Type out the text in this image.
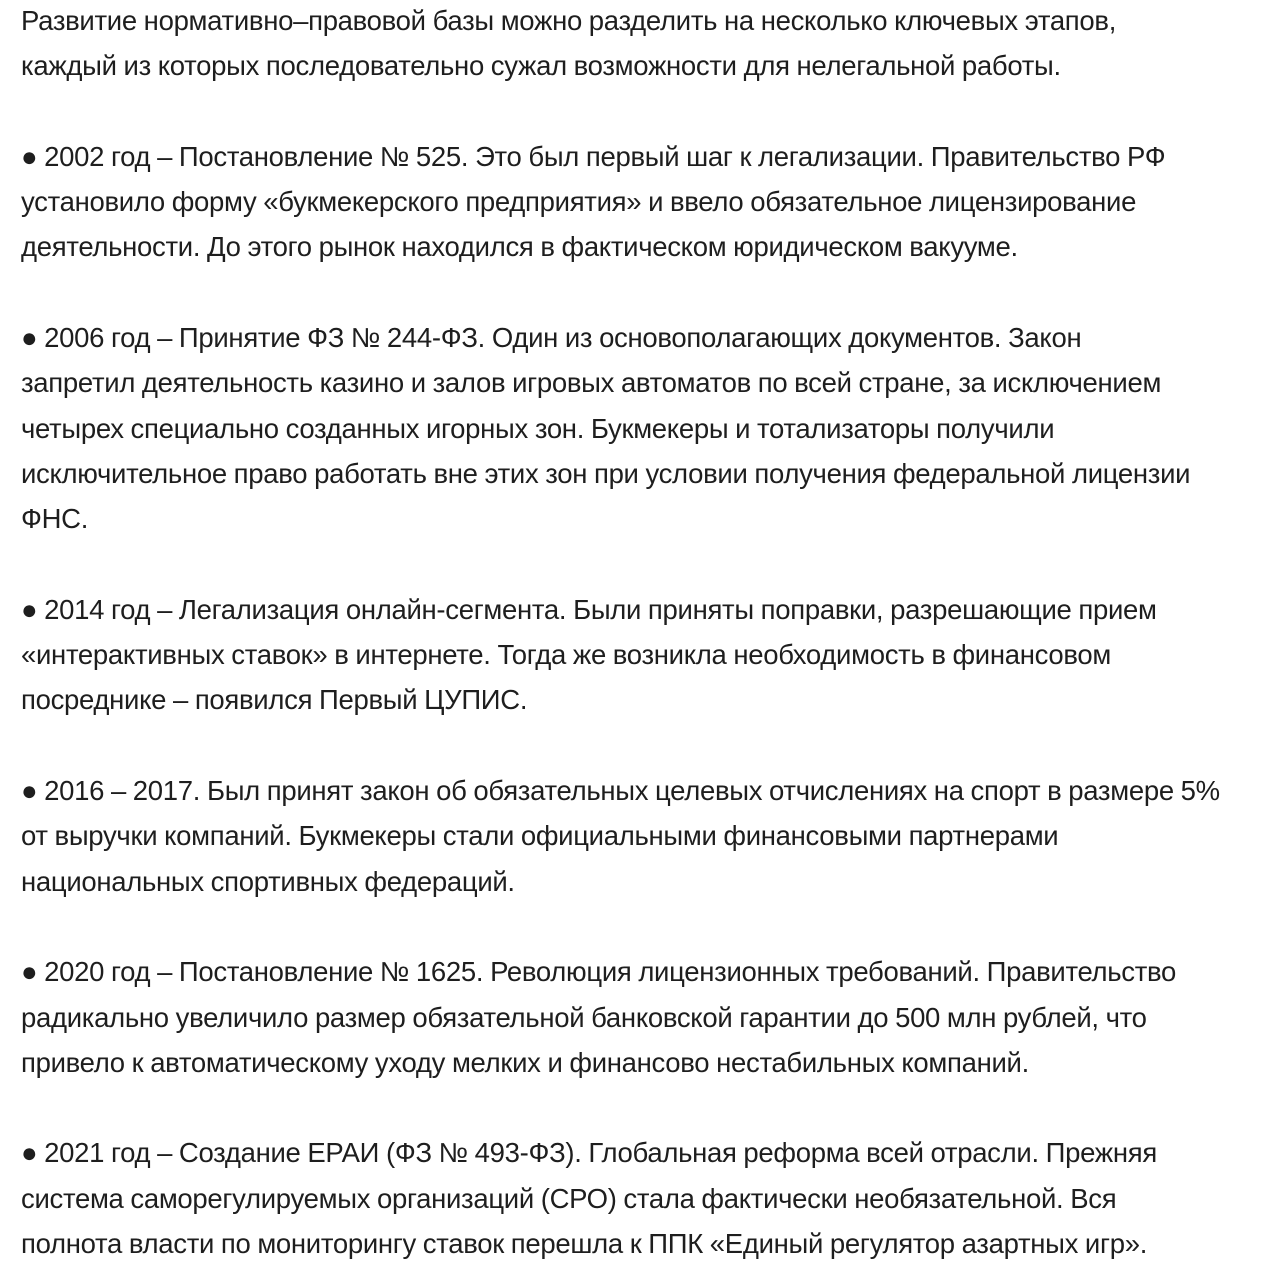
Развитие нормативно–правовой базы можно разделить на несколько ключевых этапов,
каждый из которых последовательно сужал возможности для нелегальной работы.

● 2002 год – Постановление № 525. Это был первый шаг к легализации. Правительство РФ
установило форму «букмекерского предприятия» и ввело обязательное лицензирование
деятельности. До этого рынок находился в фактическом юридическом вакууме.

● 2006 год – Принятие ФЗ № 244-ФЗ. Один из основополагающих документов. Закон
запретил деятельность казино и залов игровых автоматов по всей стране, за исключением
четырех специально созданных игорных зон. Букмекеры и тотализаторы получили
исключительное право работать вне этих зон при условии получения федеральной лицензии
ФНС.

● 2014 год – Легализация онлайн-сегмента. Были приняты поправки, разрешающие прием
«интерактивных ставок» в интернете. Тогда же возникла необходимость в финансовом
посреднике – появился Первый ЦУПИС.

● 2016 – 2017. Был принят закон об обязательных целевых отчислениях на спорт в размере 5%
от выручки компаний. Букмекеры стали официальными финансовыми партнерами
национальных спортивных федераций.

● 2020 год – Постановление № 1625. Революция лицензионных требований. Правительство
радикально увеличило размер обязательной банковской гарантии до 500 млн рублей, что
привело к автоматическому уходу мелких и финансово нестабильных компаний.

● 2021 год – Создание ЕРАИ (ФЗ № 493-ФЗ). Глобальная реформа всей отрасли. Прежняя
система саморегулируемых организаций (СРО) стала фактически необязательной. Вся
полнота власти по мониторингу ставок перешла к ППК «Единый регулятор азартных игр».
